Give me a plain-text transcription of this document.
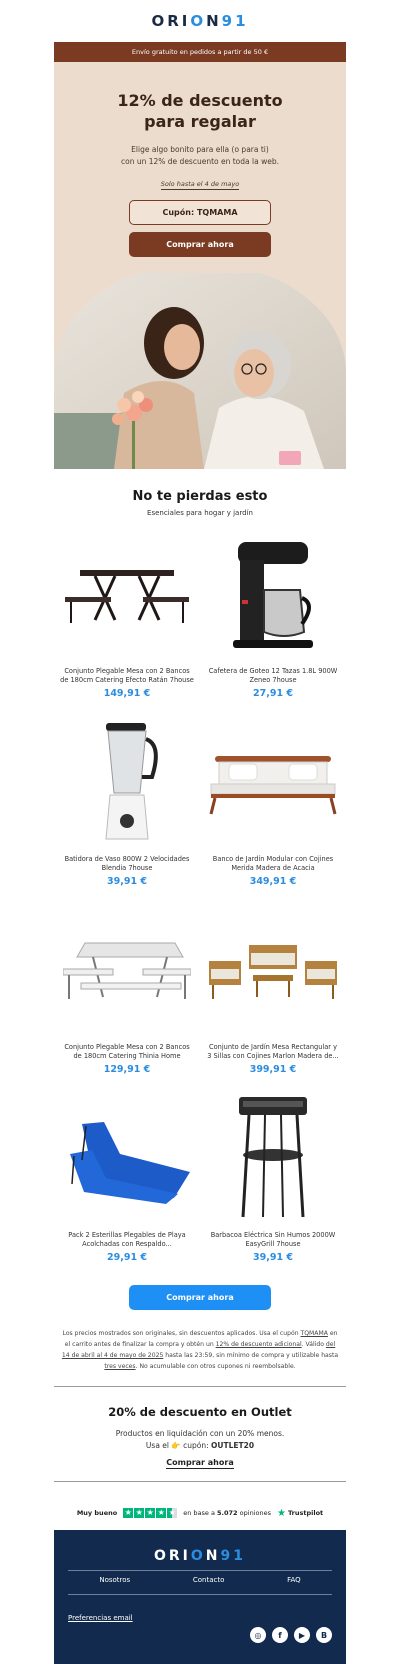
ORION91
Envío gratuito en pedidos a partir de 50 €
12% de descuento
para regalar
Elige algo bonito para ella (o para ti)
con un 12% de descuento en toda la web.
Solo hasta el 4 de mayo
Cupón: TQMAMA
Comprar ahora
No te pierdas esto
Esenciales para hogar y jardín
Conjunto Plegable Mesa con 2 Bancos de 180cm Catering Efecto Ratán 7house
149,91 €
Cafetera de Goteo 12 Tazas 1.8L 900W Zeneo 7house
27,91 €
Batidora de Vaso 800W 2 Velocidades Blendia 7house
39,91 €
Banco de Jardín Modular con Cojines Merida Madera de Acacia
349,91 €
Conjunto Plegable Mesa con 2 Bancos de 180cm Catering Thinia Home
129,91 €
Conjunto de Jardín Mesa Rectangular y 3 Sillas con Cojines Marlon Madera de...
399,91 €
Pack 2 Esterillas Plegables de Playa Acolchadas con Respaldo...
29,91 €
Barbacoa Eléctrica Sin Humos 2000W EasyGrill 7house
39,91 €
Comprar ahora
Los precios mostrados son originales, sin descuentos aplicados. Usa el cupón TQMAMA en el carrito antes de finalizar la compra y obtén un 12% de descuento adicional. Válido del 14 de abril al 4 de mayo de 2025 hasta las 23:59, sin mínimo de compra y utilizable hasta tres veces. No acumulable con otros cupones ni reembolsable.
20% de descuento en Outlet
Productos en liquidación con un 20% menos.
Usa el 👉 cupón: OUTLET20
Comprar ahora
Muy bueno ★ ★ ★ ★ ★ en base a 5.072 opiniones ★ Trustpilot
ORION91
Nosotros	Contacto	FAQ
Preferencias email
◎	f	▶	B
